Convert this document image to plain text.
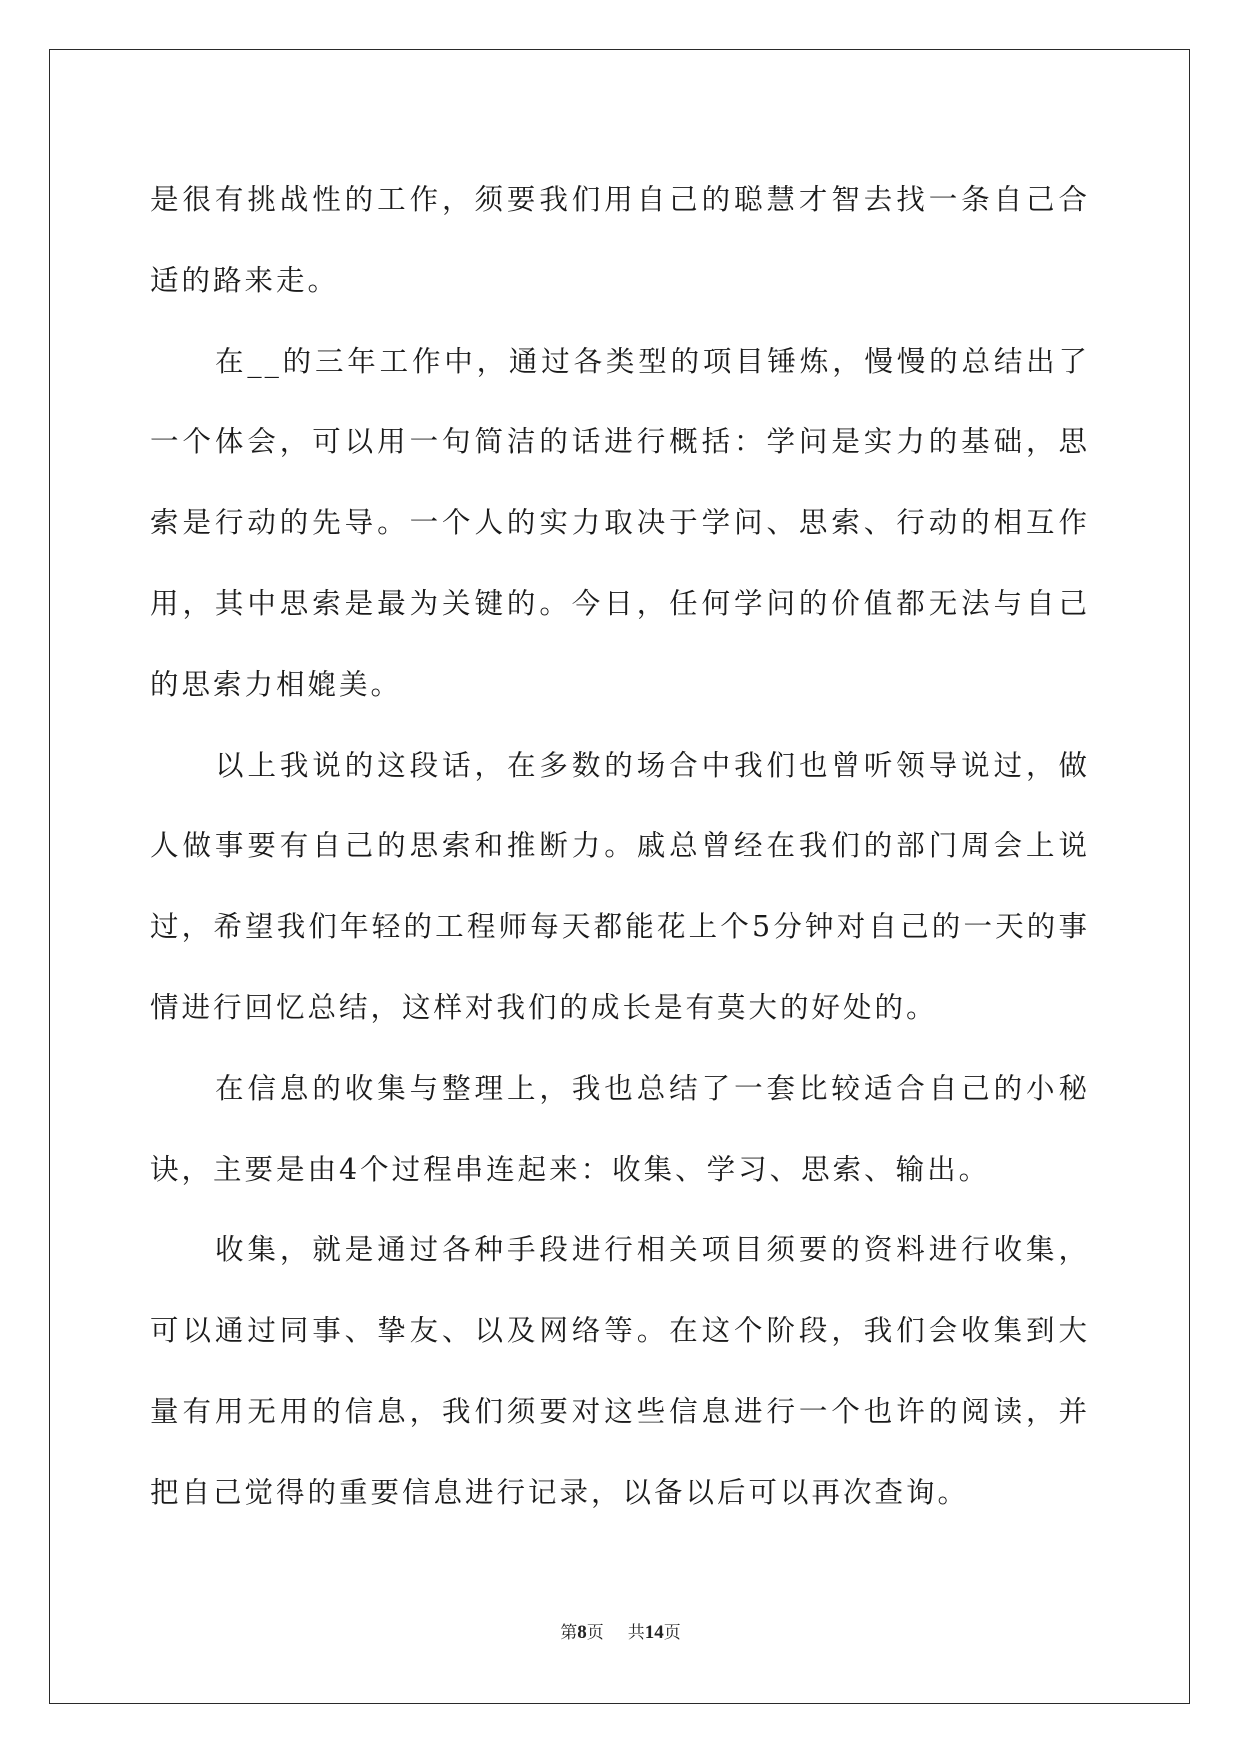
是很有挑战性的工作，须要我们用自己的聪慧才智去找一条自己合适的路来走。

在__的三年工作中，通过各类型的项目锤炼，慢慢的总结出了一个体会，可以用一句简洁的话进行概括：学问是实力的基础，思索是行动的先导。一个人的实力取决于学问、思索、行动的相互作用，其中思索是最为关键的。今日，任何学问的价值都无法与自己的思索力相媲美。

以上我说的这段话，在多数的场合中我们也曾听领导说过，做人做事要有自己的思索和推断力。戚总曾经在我们的部门周会上说过，希望我们年轻的工程师每天都能花上个5分钟对自己的一天的事情进行回忆总结，这样对我们的成长是有莫大的好处的。

在信息的收集与整理上，我也总结了一套比较适合自己的小秘诀，主要是由4个过程串连起来：收集、学习、思索、输出。

收集，就是通过各种手段进行相关项目须要的资料进行收集，可以通过同事、挚友、以及网络等。在这个阶段，我们会收集到大量有用无用的信息，我们须要对这些信息进行一个也许的阅读，并把自己觉得的重要信息进行记录，以备以后可以再次查询。

第8页 共14页
